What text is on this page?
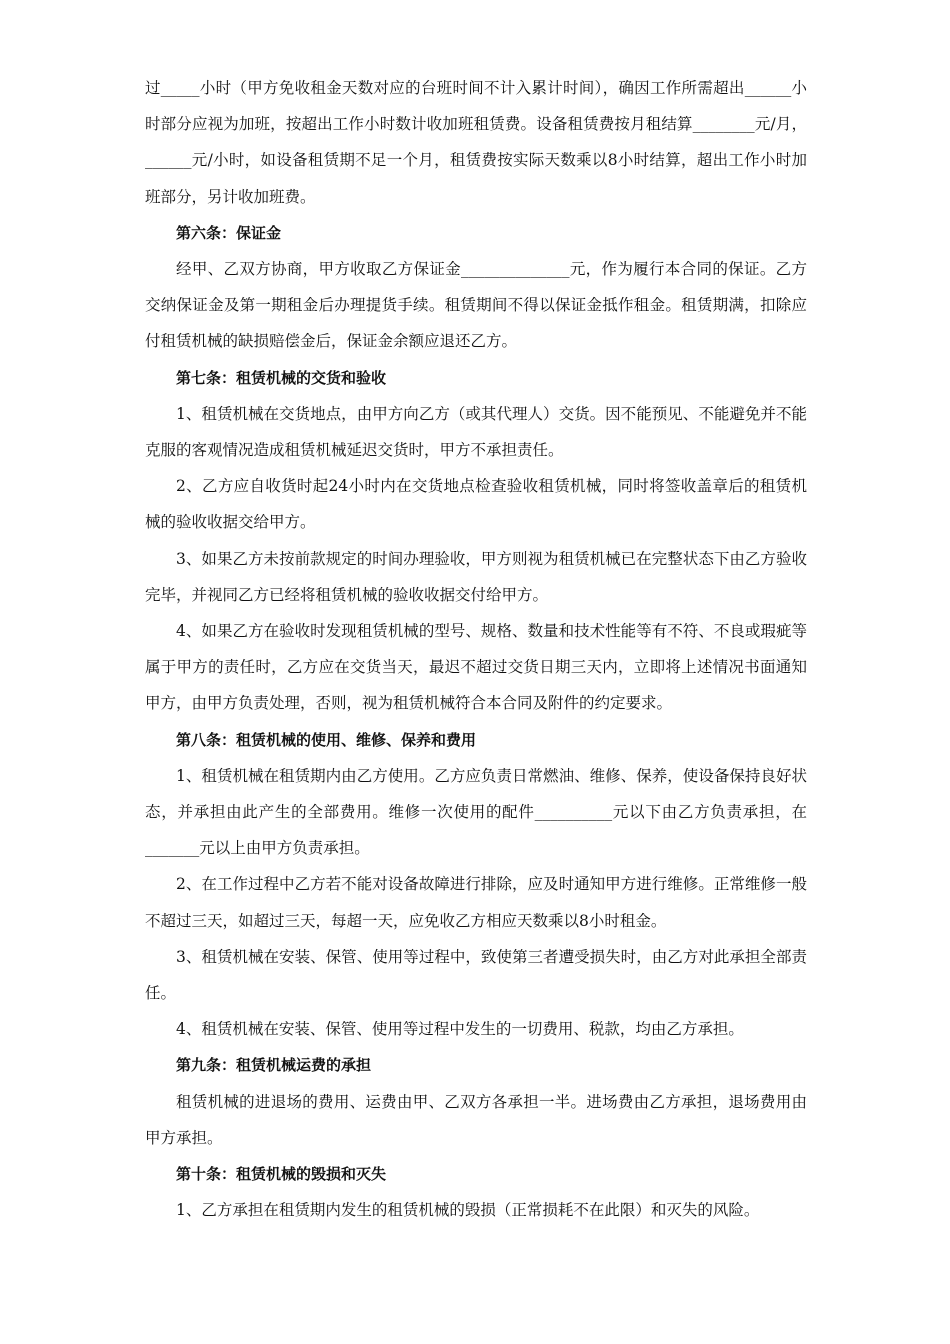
过_____小时（甲方免收租金天数对应的台班时间不计入累计时间），确因工作所需超出______小时部分应视为加班，按超出工作小时数计收加班租赁费。设备租赁费按月租结算________元/月，______元/小时，如设备租赁期不足一个月，租赁费按实际天数乘以8小时结算，超出工作小时加班部分，另计收加班费。

第六条：保证金

经甲、乙双方协商，甲方收取乙方保证金______________元，作为履行本合同的保证。乙方交纳保证金及第一期租金后办理提货手续。租赁期间不得以保证金抵作租金。租赁期满，扣除应付租赁机械的缺损赔偿金后，保证金余额应退还乙方。

第七条：租赁机械的交货和验收

1、租赁机械在交货地点，由甲方向乙方（或其代理人）交货。因不能预见、不能避免并不能克服的客观情况造成租赁机械延迟交货时，甲方不承担责任。

2、乙方应自收货时起24小时内在交货地点检查验收租赁机械，同时将签收盖章后的租赁机械的验收收据交给甲方。

3、如果乙方未按前款规定的时间办理验收，甲方则视为租赁机械已在完整状态下由乙方验收完毕，并视同乙方已经将租赁机械的验收收据交付给甲方。

4、如果乙方在验收时发现租赁机械的型号、规格、数量和技术性能等有不符、不良或瑕疵等属于甲方的责任时，乙方应在交货当天，最迟不超过交货日期三天内，立即将上述情况书面通知甲方，由甲方负责处理，否则，视为租赁机械符合本合同及附件的约定要求。

第八条：租赁机械的使用、维修、保养和费用

1、租赁机械在租赁期内由乙方使用。乙方应负责日常燃油、维修、保养，使设备保持良好状态，并承担由此产生的全部费用。维修一次使用的配件__________元以下由乙方负责承担，在_______元以上由甲方负责承担。

2、在工作过程中乙方若不能对设备故障进行排除，应及时通知甲方进行维修。正常维修一般不超过三天，如超过三天，每超一天，应免收乙方相应天数乘以8小时租金。

3、租赁机械在安装、保管、使用等过程中，致使第三者遭受损失时，由乙方对此承担全部责任。

4、租赁机械在安装、保管、使用等过程中发生的一切费用、税款，均由乙方承担。

第九条：租赁机械运费的承担

租赁机械的进退场的费用、运费由甲、乙双方各承担一半。进场费由乙方承担，退场费用由甲方承担。

第十条：租赁机械的毁损和灭失

1、乙方承担在租赁期内发生的租赁机械的毁损（正常损耗不在此限）和灭失的风险。
